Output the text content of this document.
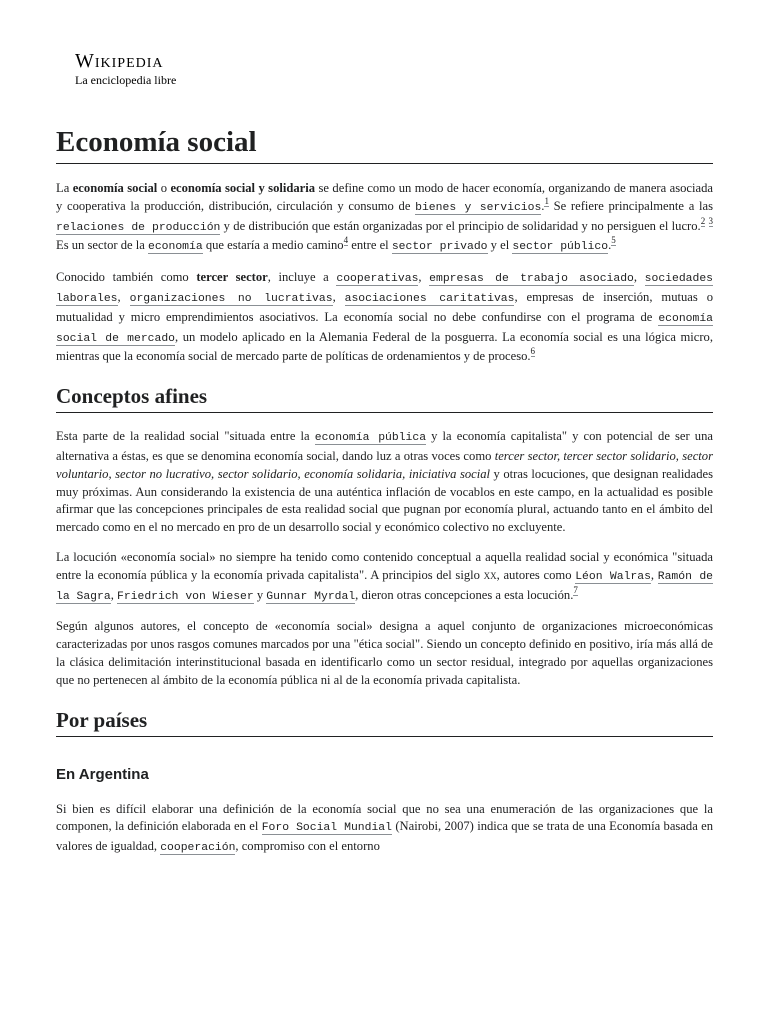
Wikipedia
La enciclopedia libre
Economía social

La economía social o economía social y solidaria se define como un modo de hacer economía, organizando de manera asociada y cooperativa la producción, distribución, circulación y consumo de bienes y servicios.$^1$ Se refiere principalmente a las relaciones de producción y de distribución que están organizadas por el principio de solidaridad y no persiguen el lucro.$^2$ $^3$ Es un sector de la economía que estaría a medio camino$^4$ entre el sector privado y el sector público.$^5$

Conocido también como tercer sector, incluye a cooperativas, empresas de trabajo asociado, sociedades laborales, organizaciones no lucrativas, asociaciones caritativas, empresas de inserción, mutuas o mutualidad y micro emprendimientos asociativos. La economía social no debe confundirse con el programa de economía social de mercado, un modelo aplicado en la Alemania Federal de la posguerra. La economía social es una lógica micro, mientras que la economía social de mercado parte de políticas de ordenamientos y de proceso.$^6$

Conceptos afines

Esta parte de la realidad social "situada entre la economía pública y la economía capitalista" y con potencial de ser una alternativa a éstas, es que se denomina economía social, dando luz a otras voces como tercer sector, tercer sector solidario, sector voluntario, sector no lucrativo, sector solidario, economía solidaria, iniciativa social y otras locuciones, que designan realidades muy próximas. Aun considerando la existencia de una auténtica inflación de vocablos en este campo, en la actualidad es posible afirmar que las concepciones principales de esta realidad social que pugnan por economía plural, actuando tanto en el ámbito del mercado como en el no mercado en pro de un desarrollo social y económico colectivo no excluyente.

La locución «economía social» no siempre ha tenido como contenido conceptual a aquella realidad social y económica "situada entre la economía pública y la economía privada capitalista". A principios del siglo xx, autores como Léon Walras, Ramón de la Sagra, Friedrich von Wieser y Gunnar Myrdal, dieron otras concepciones a esta locución.$^7$

Según algunos autores, el concepto de «economía social» designa a aquel conjunto de organizaciones microeconómicas caracterizadas por unos rasgos comunes marcados por una "ética social". Siendo un concepto definido en positivo, iría más allá de la clásica delimitación interinstitucional basada en identificarlo como un sector residual, integrado por aquellas organizaciones que no pertenecen al ámbito de la economía pública ni al de la economía privada capitalista.

Por países
En Argentina

Si bien es difícil elaborar una definición de la economía social que no sea una enumeración de las organizaciones que la componen, la definición elaborada en el Foro Social Mundial (Nairobi, 2007) indica que se trata de una Economía basada en valores de igualdad, cooperación, compromiso con el entorno
